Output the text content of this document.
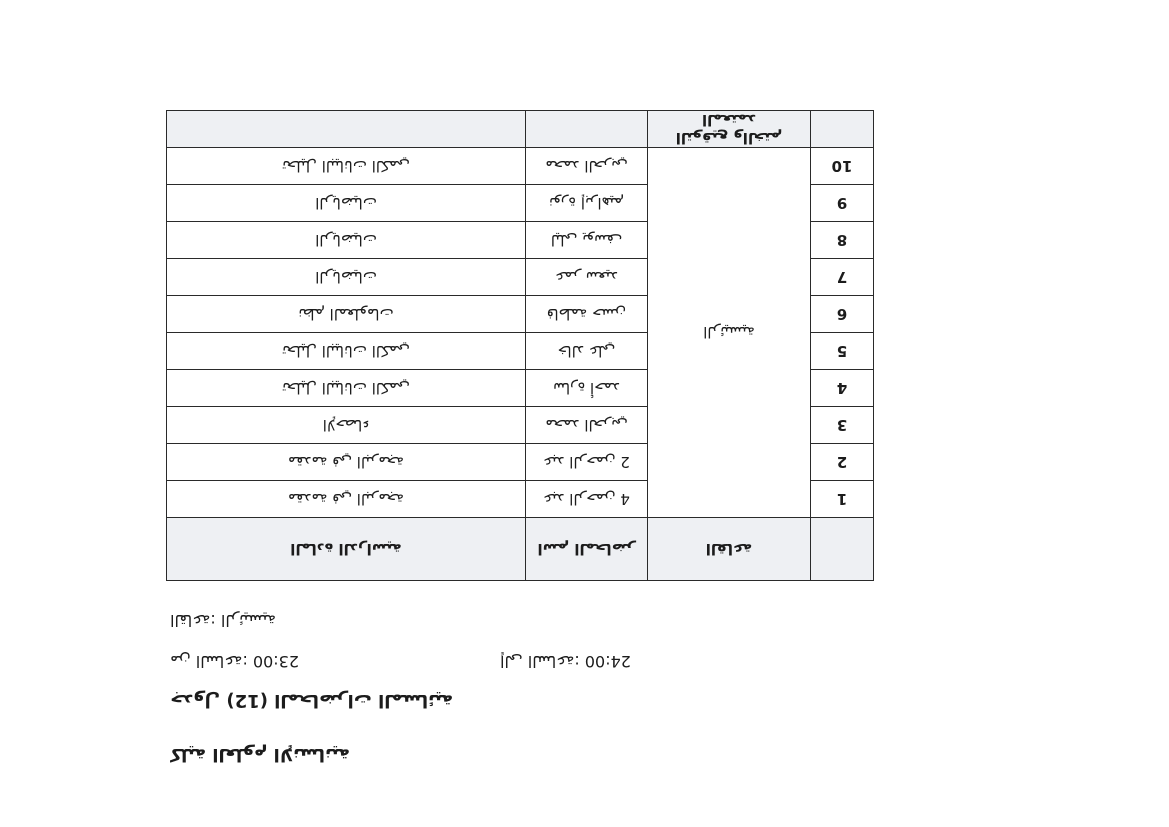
كلية العلوم الإنسانية
جدول (12) المحاضرات المسائية
من الساعة: 23:00	إلى الساعة: 24:00
القاعة: الرئيسية
	القاعة	اسم المحاضر	المادة الدراسية
1	الرئيسية	عبد الرحمن 4	مقدمة في البرمجة
2		عبد الرحمن 2	مقدمة في البرمجة
3		محمد الحربي	الإحصاء
4		سارة أحمد	تحليل البيانات الكمي
5		خالد علي	تحليل البيانات الكمي
6		فاطمة حسن	نظم المعلومات
7		عمر سعيد	الرياضيات
8		ليلى يوسف	الرياضيات
9		نورة إبراهيم	الرياضيات
10		محمد الحربي	تحليل البيانات الكمي
	التوقيع والختم المعتمد		
